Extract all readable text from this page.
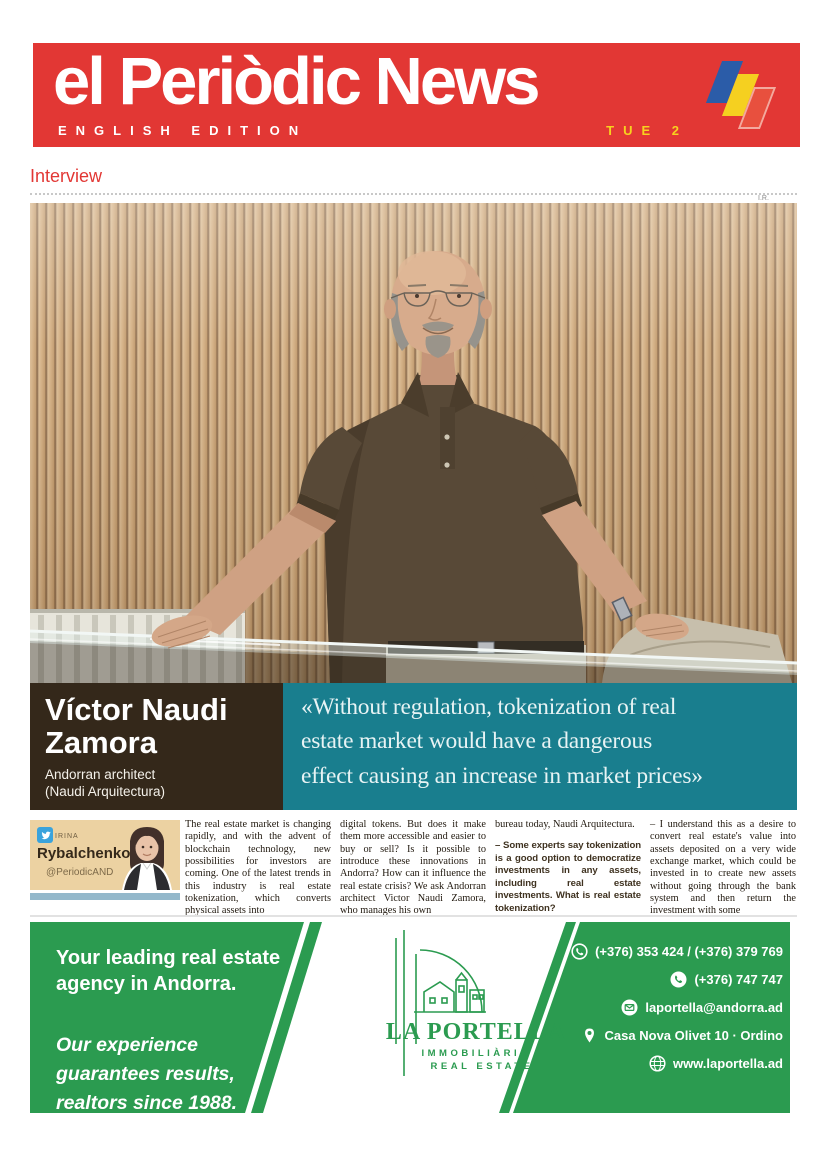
el Periòdic News
ENGLISH EDITION	TUE 2
Interview
I.R.
Víctor Naudi
Zamora
Andorran architect
(Naudi Arquitectura)
«Without regulation, tokenization of real
estate market would have a dangerous
effect causing an increase in market prices»
IRINA
Rybalchenko
@PeriodicAND

The real estate market is changing rapidly, and with the advent of blockchain technology, new possibilities for investors are coming. One of the latest trends in this industry is real estate tokenization, which converts physical assets into

digital tokens. But does it make them more accessible and easier to buy or sell? Is it possible to introduce these innovations in Andorra? How can it influence the real estate crisis? We ask Andorran architect Victor Naudi Zamora, who manages his own

bureau today, Naudi Arquitectura.

– Some experts say tokenization is a good option to democratize investments in any assets, including real estate investments. What is real estate tokenization?

– I understand this as a desire to convert real estate's value into assets deposited on a very wide exchange market, which could be invested in to create new assets without going through the bank system and then return the investment with some

Your leading real estate
agency in Andorra.
Our experience
guarantees results,
realtors since 1988.
LA PORTELLA
IMMOBILIÀRIA
REAL ESTATE
(+376) 353 424 / (+376) 379 769
(+376) 747 747
laportella@andorra.ad
Casa Nova Olivet 10 · Ordino
www.laportella.ad
